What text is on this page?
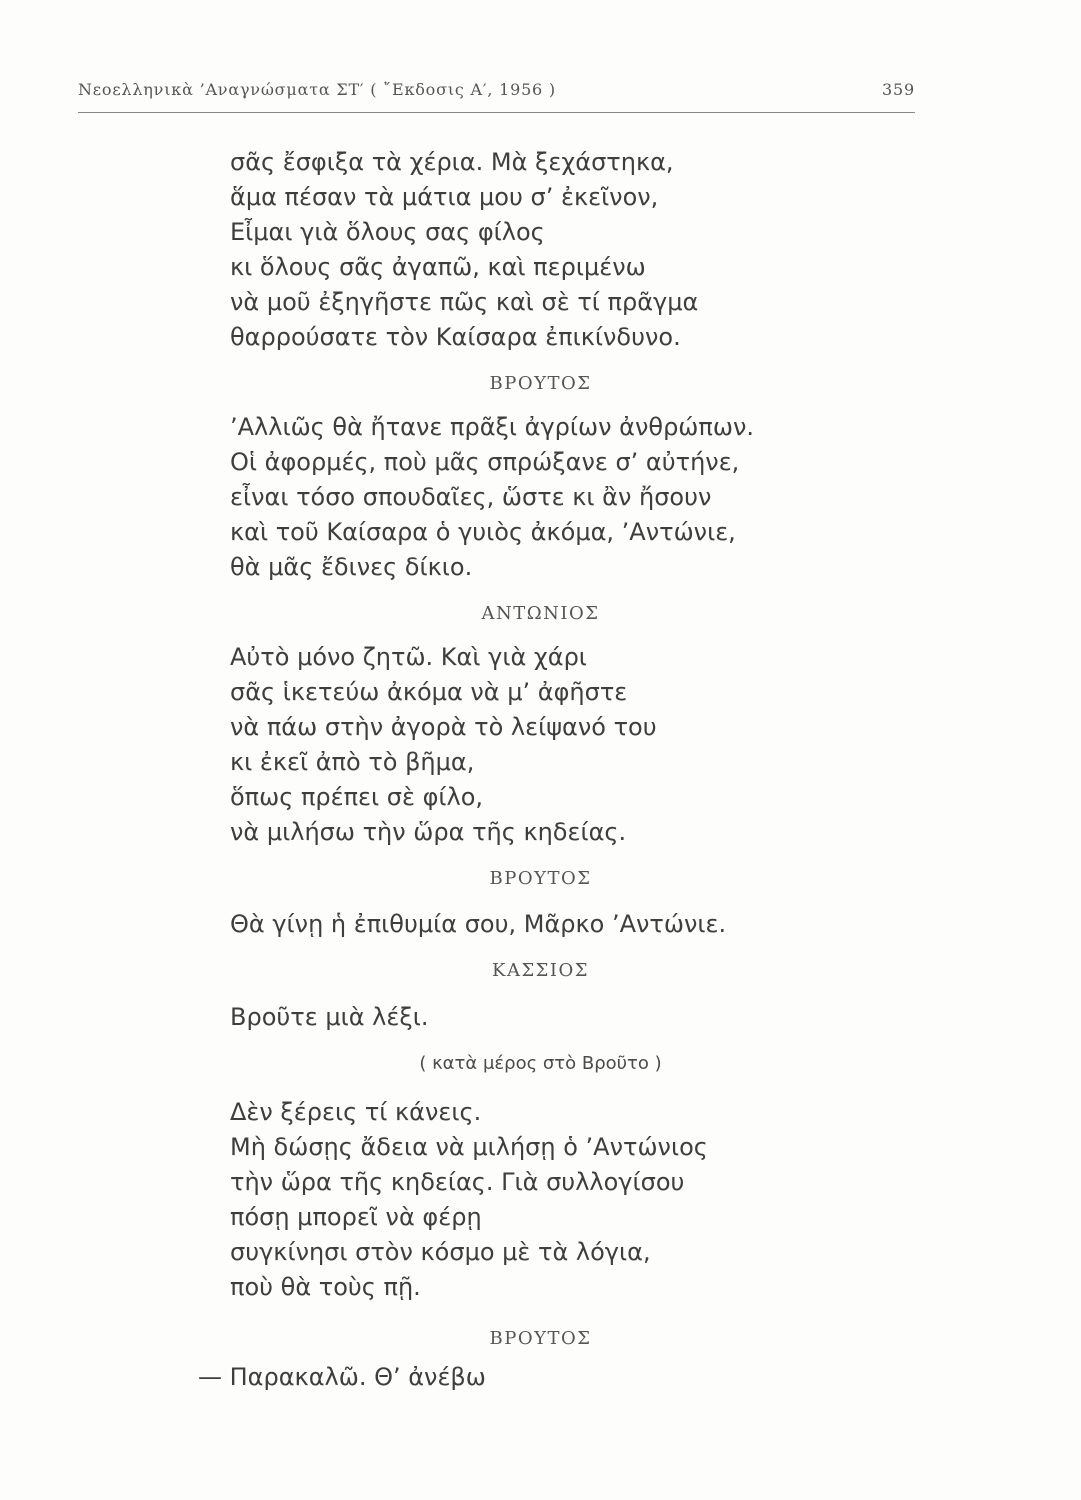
Νεοελληνικὰ ’Αναγνώσματα ΣΤ′ ( ῎Εκδοσις Α′, 1956 )	359
σᾶς ἔσφιξα τὰ χέρια. Μὰ ξεχάστηκα,
ἅμα πέσαν τὰ μάτια μου σ’ ἐκεῖνον,
Εἶμαι γιὰ ὅλους σας φίλος
κι ὅλους σᾶς ἀγαπῶ, καὶ περιμένω
νὰ μοῦ ἐξηγῆστε πῶς καὶ σὲ τί πρᾶγμα
θαρρούσατε τὸν Καίσαρα ἐπικίνδυνο.
ΒΡΟΥΤΟΣ
’Αλλιῶς θὰ ἤτανε πρᾶξι ἀγρίων ἀνθρώπων.
Οἱ ἀφορμές, ποὺ μᾶς σπρώξανε σ’ αὐτήνε,
εἶναι τόσο σπουδαῖες, ὥστε κι ἂν ἤσουν
καὶ τοῦ Καίσαρα ὁ γυιὸς ἀκόμα, ’Αντώνιε,
θὰ μᾶς ἔδινες δίκιο.
ΑΝΤΩΝΙΟΣ
Αὐτὸ μόνο ζητῶ. Καὶ γιὰ χάρι
σᾶς ἱκετεύω ἀκόμα νὰ μ’ ἀφῆστε
νὰ πάω στὴν ἀγορὰ τὸ λείψανό του
κι ἐκεῖ ἀπὸ τὸ βῆμα,
ὅπως πρέπει σὲ φίλο,
νὰ μιλήσω τὴν ὥρα τῆς κηδείας.
ΒΡΟΥΤΟΣ
Θὰ γίνῃ ἡ ἐπιθυμία σου, Μᾶρκο ’Αντώνιε.
ΚΑΣΣΙΟΣ
Βροῦτε μιὰ λέξι.
( κατὰ μέρος στὸ Βροῦτο )
Δὲν ξέρεις τί κάνεις.
Μὴ δώσῃς ἄδεια νὰ μιλήσῃ ὁ ’Αντώνιος
τὴν ὥρα τῆς κηδείας. Γιὰ συλλογίσου
πόσῃ μπορεῖ νὰ φέρῃ
συγκίνησι στὸν κόσμο μὲ τὰ λόγια,
ποὺ θὰ τοὺς πῇ.
ΒΡΟΥΤΟΣ
— Παρακαλῶ. Θ’ ἀνέβω
